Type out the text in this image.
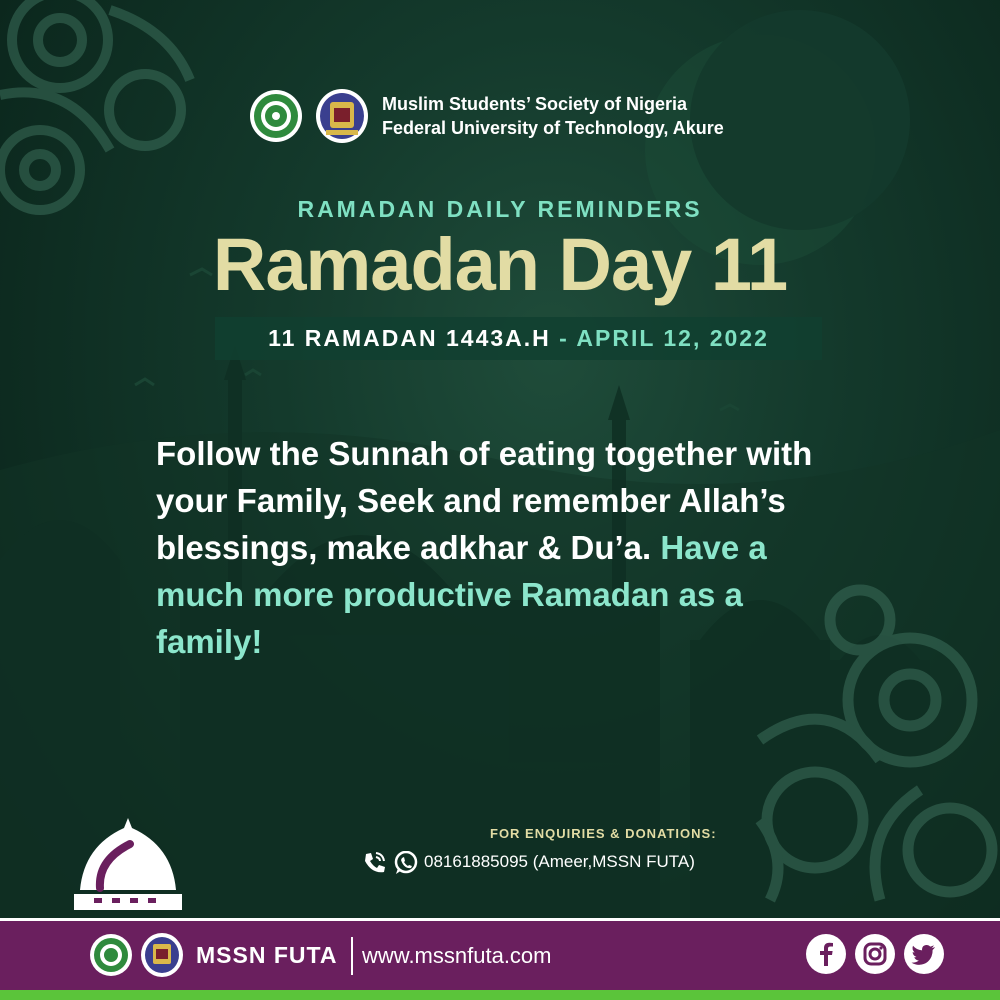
Muslim Students’ Society of Nigeria
Federal University of Technology, Akure
RAMADAN DAILY REMINDERS
Ramadan Day 11
11 RAMADAN 1443A.H - APRIL 12, 2022
Follow the Sunnah of eating together with your Family, Seek and remember Allah’s blessings, make adkhar & Du’a. Have a much more productive Ramadan as a family!
FOR ENQUIRIES & DONATIONS:
08161885095 (Ameer,MSSN FUTA)
MSSN FUTA www.mssnfuta.com
